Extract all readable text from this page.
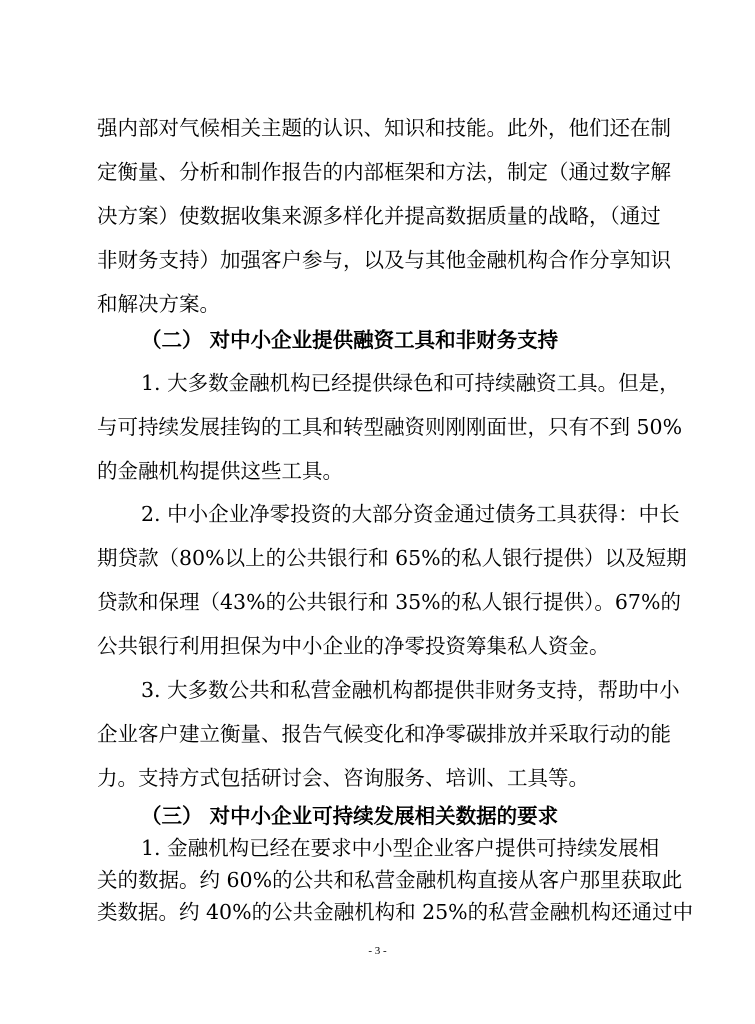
强内部对气候相关主题的认识、知识和技能。此外，他们还在制
定衡量、分析和制作报告的内部框架和方法，制定（通过数字解
决方案）使数据收集来源多样化并提高数据质量的战略，（通过
非财务支持）加强客户参与，以及与其他金融机构合作分享知识
和解决方案。
（二） 对中小企业提供融资工具和非财务支持
1. 大多数金融机构已经提供绿色和可持续融资工具。但是，
与可持续发展挂钩的工具和转型融资则刚刚面世，只有不到 50%
的金融机构提供这些工具。
2. 中小企业净零投资的大部分资金通过债务工具获得：中长
期贷款（80%以上的公共银行和 65%的私人银行提供）以及短期
贷款和保理（43%的公共银行和 35%的私人银行提供）。67%的
公共银行利用担保为中小企业的净零投资筹集私人资金。
3. 大多数公共和私营金融机构都提供非财务支持，帮助中小
企业客户建立衡量、报告气候变化和净零碳排放并采取行动的能
力。支持方式包括研讨会、咨询服务、培训、工具等。
（三） 对中小企业可持续发展相关数据的要求
1. 金融机构已经在要求中小型企业客户提供可持续发展相
关的数据。约 60%的公共和私营金融机构直接从客户那里获取此
- 3 -
类数据。约 40%的公共金融机构和 25%的私营金融机构还通过中
